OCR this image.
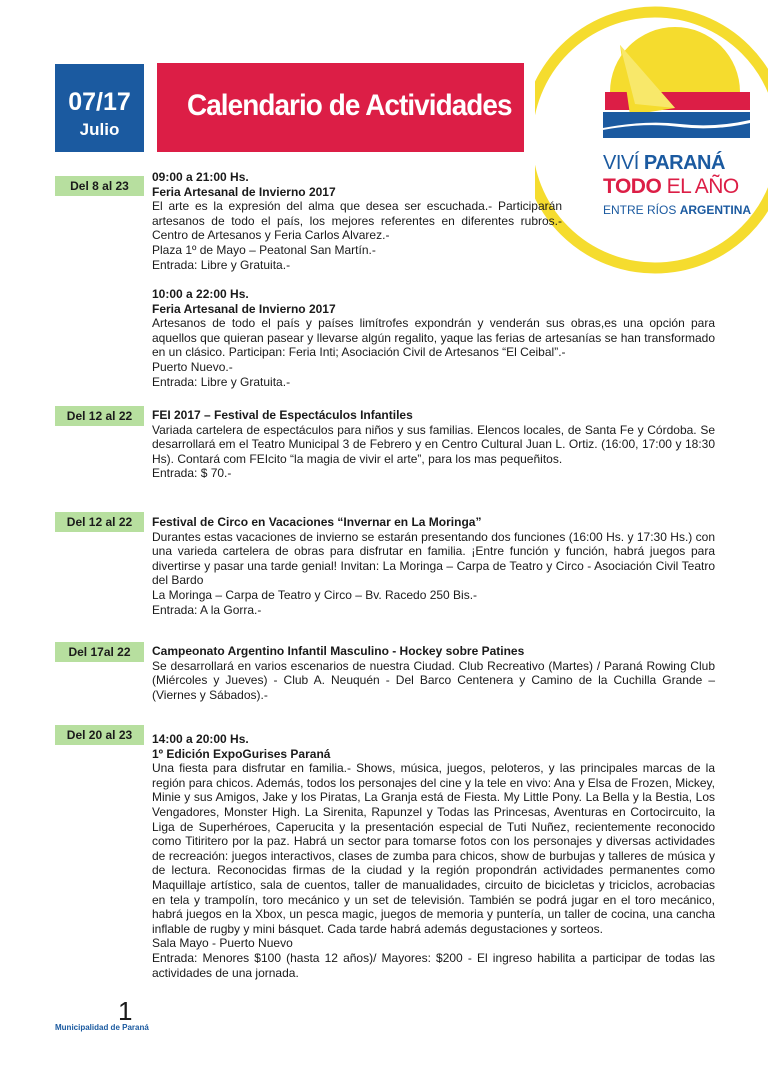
07/17
Julio
Calendario de Actividades
VIVÍ PARANÁ
TODO EL AÑO
ENTRE RÍOS ARGENTINA
Del 8 al 23

09:00 a 21:00 Hs.

Feria Artesanal de Invierno 2017

El arte es la expresión del alma que desea ser escuchada.- Participarán artesanos de todo el país, los mejores referentes en diferentes rubros.- Centro de Artesanos y Feria Carlos Alvarez.-

Plaza 1º de Mayo – Peatonal San Martín.-

Entrada: Libre y Gratuita.-

10:00 a 22:00 Hs.

Feria Artesanal de Invierno 2017

Artesanos de todo el país y países limítrofes expondrán y venderán sus obras,es una opción para aquellos que quieran pasear y llevarse algún regalito, yaque las ferias de artesanías se han transformado en un clásico. Participan: Feria Inti; Asociación Civil de Artesanos “El Ceibal”.-

Puerto Nuevo.-

Entrada: Libre y Gratuita.-

Del 12 al 22	FEI 2017 – Festival de Espectáculos Infantiles

Variada cartelera de espectáculos para niños y sus familias. Elencos locales, de Santa Fe y Córdoba. Se desarrollará em el Teatro Municipal 3 de Febrero y en Centro Cultural Juan L. Ortiz. (16:00, 17:00 y 18:30 Hs). Contará com FEIcito “la magia de vivir el arte”, para los mas pequeñitos.

Entrada: $ 70.-

Del 12 al 22	Festival de Circo en Vacaciones “Invernar en La Moringa”

Durantes estas vacaciones de invierno se estarán presentando dos funciones (16:00 Hs. y 17:30 Hs.) con una varieda cartelera de obras para disfrutar en familia. ¡Entre función y función, habrá juegos para divertirse y pasar una tarde genial! Invitan: La Moringa – Carpa de Teatro y Circo - Asociación Civil Teatro del Bardo

La Moringa – Carpa de Teatro y Circo – Bv. Racedo 250 Bis.-

Entrada: A la Gorra.-

Del 17al 22	Campeonato Argentino Infantil Masculino - Hockey sobre Patines

Se desarrollará en varios escenarios de nuestra Ciudad. Club Recreativo (Martes) / Paraná Rowing Club (Miércoles y Jueves) - Club A. Neuquén - Del Barco Centenera y Camino de la Cuchilla Grande – (Viernes y Sábados).-

Del 20 al 23	14:00 a 20:00 Hs.

1º Edición ExpoGurises Paraná

Una fiesta para disfrutar en familia.- Shows, música, juegos, peloteros, y las principales marcas de la región para chicos. Además, todos los personajes del cine y la tele en vivo: Ana y Elsa de Frozen, Mickey, Minie y sus Amigos, Jake y los Piratas, La Granja está de Fiesta. My Little Pony. La Bella y la Bestia, Los Vengadores, Monster High. La Sirenita, Rapunzel y Todas las Princesas, Aventuras en Cortocircuito, la Liga de Superhéroes, Caperucita y la presentación especial de Tuti Nuñez, recientemente reconocido como Titiritero por la paz. Habrá un sector para tomarse fotos con los personajes y diversas actividades de recreación: juegos interactivos, clases de zumba para chicos, show de burbujas y talleres de música y de lectura. Reconocidas firmas de la ciudad y la región propondrán actividades permanentes como Maquillaje artístico, sala de cuentos, taller de manualidades, circuito de bicicletas y triciclos, acrobacias en tela y trampolín, toro mecánico y un set de televisión. También se podrá jugar en el toro mecánico, habrá juegos en la Xbox, un pesca magic, juegos de memoria y puntería, un taller de cocina, una cancha inflable de rugby y mini básquet. Cada tarde habrá además degustaciones y sorteos.

Sala Mayo - Puerto Nuevo

Entrada: Menores $100 (hasta 12 años)/ Mayores: $200 - El ingreso habilita a participar de todas las actividades de una jornada.

1
Municipalidad de Paraná
